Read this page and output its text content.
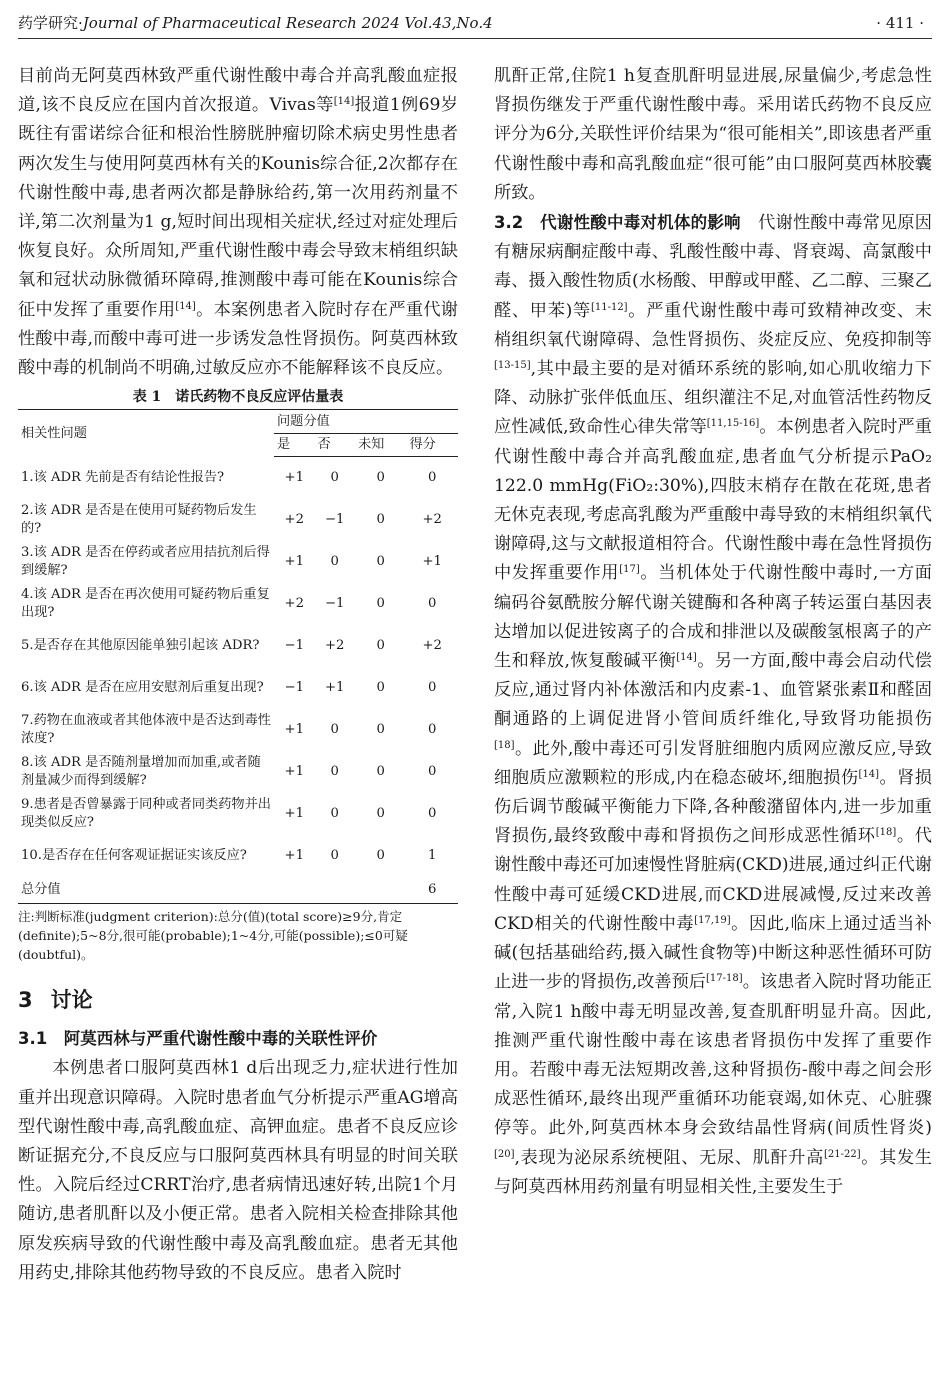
药学研究·Journal of Pharmaceutical Research 2024 Vol.43,No.4	· 411 ·

目前尚无阿莫西林致严重代谢性酸中毒合并高乳酸血症报道,该不良反应在国内首次报道。Vivas等[14]报道1例69岁既往有雷诺综合征和根治性膀胱肿瘤切除术病史男性患者两次发生与使用阿莫西林有关的Kounis综合征,2次都存在代谢性酸中毒,患者两次都是静脉给药,第一次用药剂量不详,第二次剂量为1 g,短时间出现相关症状,经过对症处理后恢复良好。众所周知,严重代谢性酸中毒会导致末梢组织缺氧和冠状动脉微循环障碍,推测酸中毒可能在Kounis综合征中发挥了重要作用[14]。本案例患者入院时存在严重代谢性酸中毒,而酸中毒可进一步诱发急性肾损伤。阿莫西林致酸中毒的机制尚不明确,过敏反应亦不能解释该不良反应。

表 1　诺氏药物不良反应评估量表
相关性问题	问题分值			
	是	否	未知	得分
1.该 ADR 先前是否有结论性报告?	+1	0	0	0
2.该 ADR 是否是在使用可疑药物后发生的?	+2	−1	0	+2
3.该 ADR 是否在停药或者应用拮抗剂后得到缓解?	+1	0	0	+1
4.该 ADR 是否在再次使用可疑药物后重复出现?	+2	−1	0	0
5.是否存在其他原因能单独引起该 ADR?	−1	+2	0	+2
6.该 ADR 是否在应用安慰剂后重复出现?	−1	+1	0	0
7.药物在血液或者其他体液中是否达到毒性浓度?	+1	0	0	0
8.该 ADR 是否随剂量增加而加重,或者随剂量减少而得到缓解?	+1	0	0	0
9.患者是否曾暴露于同种或者同类药物并出现类似反应?	+1	0	0	0
10.是否存在任何客观证据证实该反应?	+1	0	0	1
总分值				6
注:判断标准(judgment criterion):总分(值)(total score)≥9分,肯定(definite);5~8分,很可能(probable);1~4分,可能(possible);≤0可疑(doubtful)。
3 讨论

3.1　阿莫西林与严重代谢性酸中毒的关联性评价

本例患者口服阿莫西林1 d后出现乏力,症状进行性加重并出现意识障碍。入院时患者血气分析提示严重AG增高型代谢性酸中毒,高乳酸血症、高钾血症。患者不良反应诊断证据充分,不良反应与口服阿莫西林具有明显的时间关联性。入院后经过CRRT治疗,患者病情迅速好转,出院1个月随访,患者肌酐以及小便正常。患者入院相关检查排除其他原发疾病导致的代谢性酸中毒及高乳酸血症。患者无其他用药史,排除其他药物导致的不良反应。患者入院时

肌酐正常,住院1 h复查肌酐明显进展,尿量偏少,考虑急性肾损伤继发于严重代谢性酸中毒。采用诺氏药物不良反应评分为6分,关联性评价结果为“很可能相关”,即该患者严重代谢性酸中毒和高乳酸血症“很可能”由口服阿莫西林胶囊所致。

3.2　代谢性酸中毒对机体的影响　代谢性酸中毒常见原因有糖尿病酮症酸中毒、乳酸性酸中毒、肾衰竭、高氯酸中毒、摄入酸性物质(水杨酸、甲醇或甲醛、乙二醇、三聚乙醛、甲苯)等[11-12]。严重代谢性酸中毒可致精神改变、末梢组织氧代谢障碍、急性肾损伤、炎症反应、免疫抑制等[13-15],其中最主要的是对循环系统的影响,如心肌收缩力下降、动脉扩张伴低血压、组织灌注不足,对血管活性药物反应性减低,致命性心律失常等[11,15-16]。本例患者入院时严重代谢性酸中毒合并高乳酸血症,患者血气分析提示PaO₂ 122.0 mmHg(FiO₂:30%),四肢末梢存在散在花斑,患者无休克表现,考虑高乳酸为严重酸中毒导致的末梢组织氧代谢障碍,这与文献报道相符合。代谢性酸中毒在急性肾损伤中发挥重要作用[17]。当机体处于代谢性酸中毒时,一方面编码谷氨酰胺分解代谢关键酶和各种离子转运蛋白基因表达增加以促进铵离子的合成和排泄以及碳酸氢根离子的产生和释放,恢复酸碱平衡[14]。另一方面,酸中毒会启动代偿反应,通过肾内补体激活和内皮素-1、血管紧张素Ⅱ和醛固酮通路的上调促进肾小管间质纤维化,导致肾功能损伤[18]。此外,酸中毒还可引发肾脏细胞内质网应激反应,导致细胞质应激颗粒的形成,内在稳态破坏,细胞损伤[14]。肾损伤后调节酸碱平衡能力下降,各种酸潴留体内,进一步加重肾损伤,最终致酸中毒和肾损伤之间形成恶性循环[18]。代谢性酸中毒还可加速慢性肾脏病(CKD)进展,通过纠正代谢性酸中毒可延缓CKD进展,而CKD进展减慢,反过来改善CKD相关的代谢性酸中毒[17,19]。因此,临床上通过适当补碱(包括基础给药,摄入碱性食物等)中断这种恶性循环可防止进一步的肾损伤,改善预后[17-18]。该患者入院时肾功能正常,入院1 h酸中毒无明显改善,复查肌酐明显升高。因此,推测严重代谢性酸中毒在该患者肾损伤中发挥了重要作用。若酸中毒无法短期改善,这种肾损伤-酸中毒之间会形成恶性循环,最终出现严重循环功能衰竭,如休克、心脏骤停等。此外,阿莫西林本身会致结晶性肾病(间质性肾炎)[20],表现为泌尿系统梗阻、无尿、肌酐升高[21-22]。其发生与阿莫西林用药剂量有明显相关性,主要发生于
